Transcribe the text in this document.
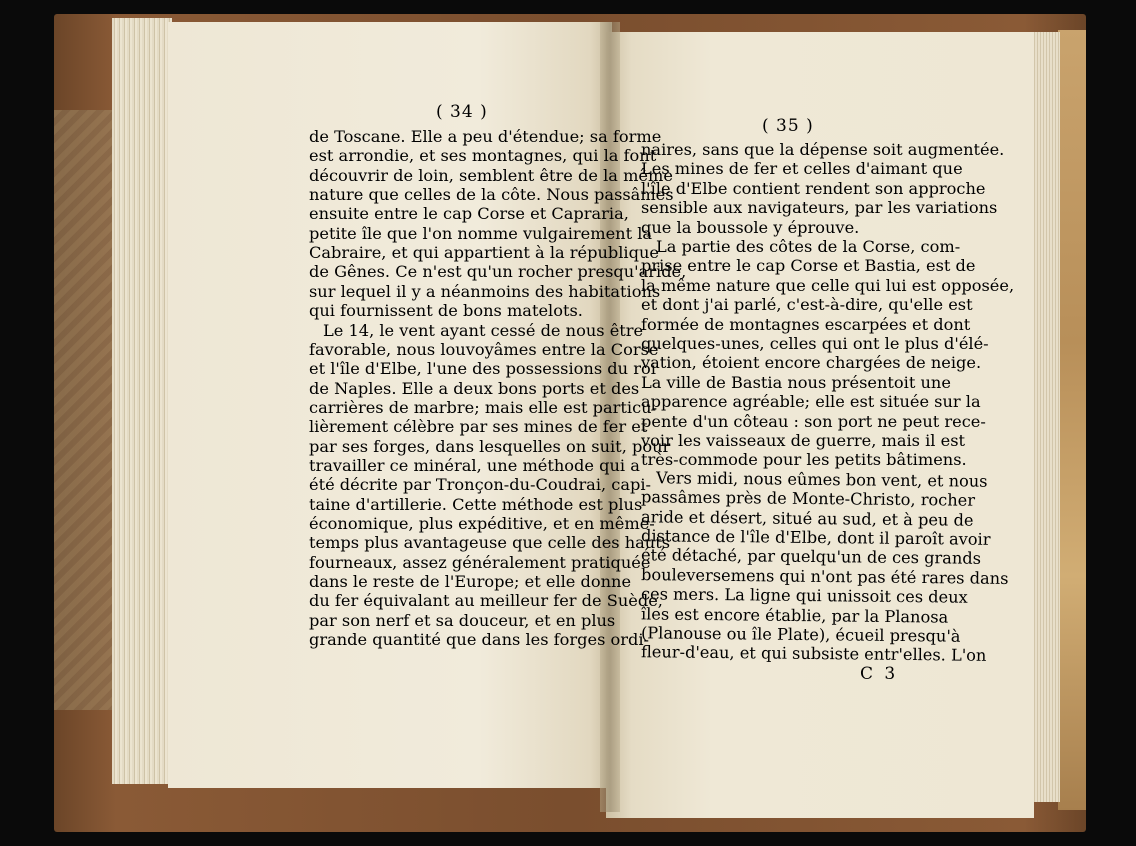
( 34 )
( 35 )
de Toscane. Elle a peu d'étendue; sa forme
est arrondie, et ses montagnes, qui la font
découvrir de loin, semblent être de la même
nature que celles de la côte. Nous passâmes
ensuite entre le cap Corse et Capraria,
petite île que l'on nomme vulgairement la
Cabraire, et qui appartient à la république
de Gênes. Ce n'est qu'un rocher presqu'aride,
sur lequel il y a néanmoins des habitations
qui fournissent de bons matelots.
Le 14, le vent ayant cessé de nous être
favorable, nous louvoyâmes entre la Corse
et l'île d'Elbe, l'une des possessions du roi
de Naples. Elle a deux bons ports et des
carrières de marbre; mais elle est particu-
lièrement célèbre par ses mines de fer et
par ses forges, dans lesquelles on suit, pour
travailler ce minéral, une méthode qui a
été décrite par Tronçon-du-Coudrai, capi-
taine d'artillerie. Cette méthode est plus
économique, plus expéditive, et en même-
temps plus avantageuse que celle des hauts
fourneaux, assez généralement pratiquée
dans le reste de l'Europe; et elle donne
du fer équivalant au meilleur fer de Suède,
par son nerf et sa douceur, et en plus
grande quantité que dans les forges ordi-
naires, sans que la dépense soit augmentée.
Les mines de fer et celles d'aimant que
l'île d'Elbe contient rendent son approche
sensible aux navigateurs, par les variations
que la boussole y éprouve.
La partie des côtes de la Corse, com-
prise entre le cap Corse et Bastia, est de
la même nature que celle qui lui est opposée,
et dont j'ai parlé, c'est-à-dire, qu'elle est
formée de montagnes escarpées et dont
quelques-unes, celles qui ont le plus d'élé-
vation, étoient encore chargées de neige.
La ville de Bastia nous présentoit une
apparence agréable; elle est située sur la
pente d'un côteau : son port ne peut rece-
voir les vaisseaux de guerre, mais il est
très-commode pour les petits bâtimens.
Vers midi, nous eûmes bon vent, et nous
passâmes près de Monte-Christo, rocher
aride et désert, situé au sud, et à peu de
distance de l'île d'Elbe, dont il paroît avoir
été détaché, par quelqu'un de ces grands
bouleversemens qui n'ont pas été rares dans
ces mers. La ligne qui unissoit ces deux
îles est encore établie, par la Planosa
(Planouse ou île Plate), écueil presqu'à
fleur-d'eau, et qui subsiste entr'elles. L'on
C 3
